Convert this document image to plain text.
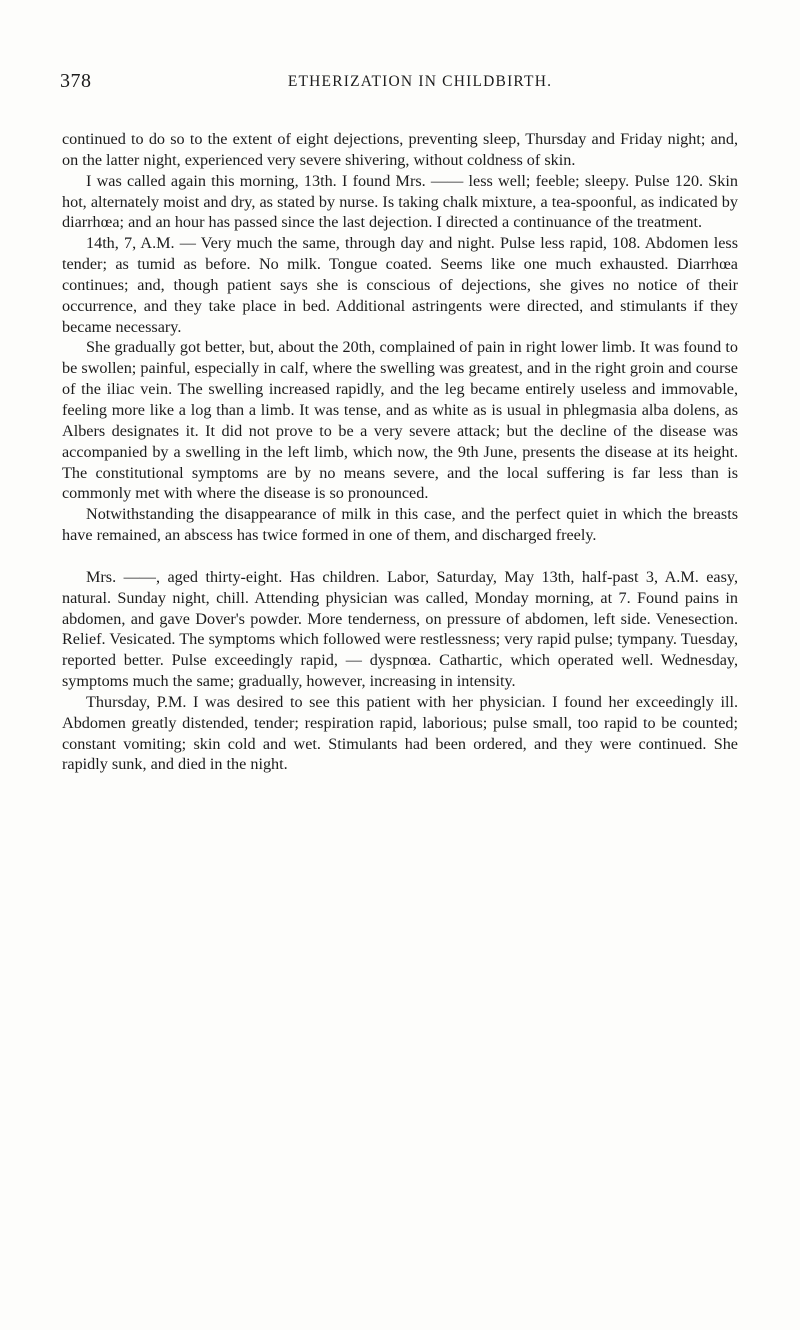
378	ETHERIZATION IN CHILDBIRTH.

continued to do so to the extent of eight dejections, preventing sleep, Thursday and Friday night; and, on the latter night, experienced very severe shivering, without coldness of skin.

I was called again this morning, 13th. I found Mrs. —— less well; feeble; sleepy. Pulse 120. Skin hot, alternately moist and dry, as stated by nurse. Is taking chalk mixture, a tea-spoonful, as indicated by diarrhœa; and an hour has passed since the last dejection. I directed a continuance of the treatment.

14th, 7, A.M. — Very much the same, through day and night. Pulse less rapid, 108. Abdomen less tender; as tumid as before. No milk. Tongue coated. Seems like one much exhausted. Diarrhœa continues; and, though patient says she is conscious of dejections, she gives no notice of their occurrence, and they take place in bed. Additional astringents were directed, and stimulants if they became necessary.

She gradually got better, but, about the 20th, complained of pain in right lower limb. It was found to be swollen; painful, especially in calf, where the swelling was greatest, and in the right groin and course of the iliac vein. The swelling increased rapidly, and the leg became entirely useless and immovable, feeling more like a log than a limb. It was tense, and as white as is usual in phlegmasia alba dolens, as Albers designates it. It did not prove to be a very severe attack; but the decline of the disease was accompanied by a swelling in the left limb, which now, the 9th June, presents the disease at its height. The constitutional symptoms are by no means severe, and the local suffering is far less than is commonly met with where the disease is so pronounced.

Notwithstanding the disappearance of milk in this case, and the perfect quiet in which the breasts have remained, an abscess has twice formed in one of them, and discharged freely.

Mrs. ——, aged thirty-eight. Has children. Labor, Saturday, May 13th, half-past 3, A.M. easy, natural. Sunday night, chill. Attending physician was called, Monday morning, at 7. Found pains in abdomen, and gave Dover's powder. More tenderness, on pressure of abdomen, left side. Venesection. Relief. Vesicated. The symptoms which followed were restlessness; very rapid pulse; tympany. Tuesday, reported better. Pulse exceedingly rapid, — dyspnœa. Cathartic, which operated well. Wednesday, symptoms much the same; gradually, however, increasing in intensity.

Thursday, P.M. I was desired to see this patient with her physician. I found her exceedingly ill. Abdomen greatly distended, tender; respiration rapid, laborious; pulse small, too rapid to be counted; constant vomiting; skin cold and wet. Stimulants had been ordered, and they were continued. She rapidly sunk, and died in the night.
